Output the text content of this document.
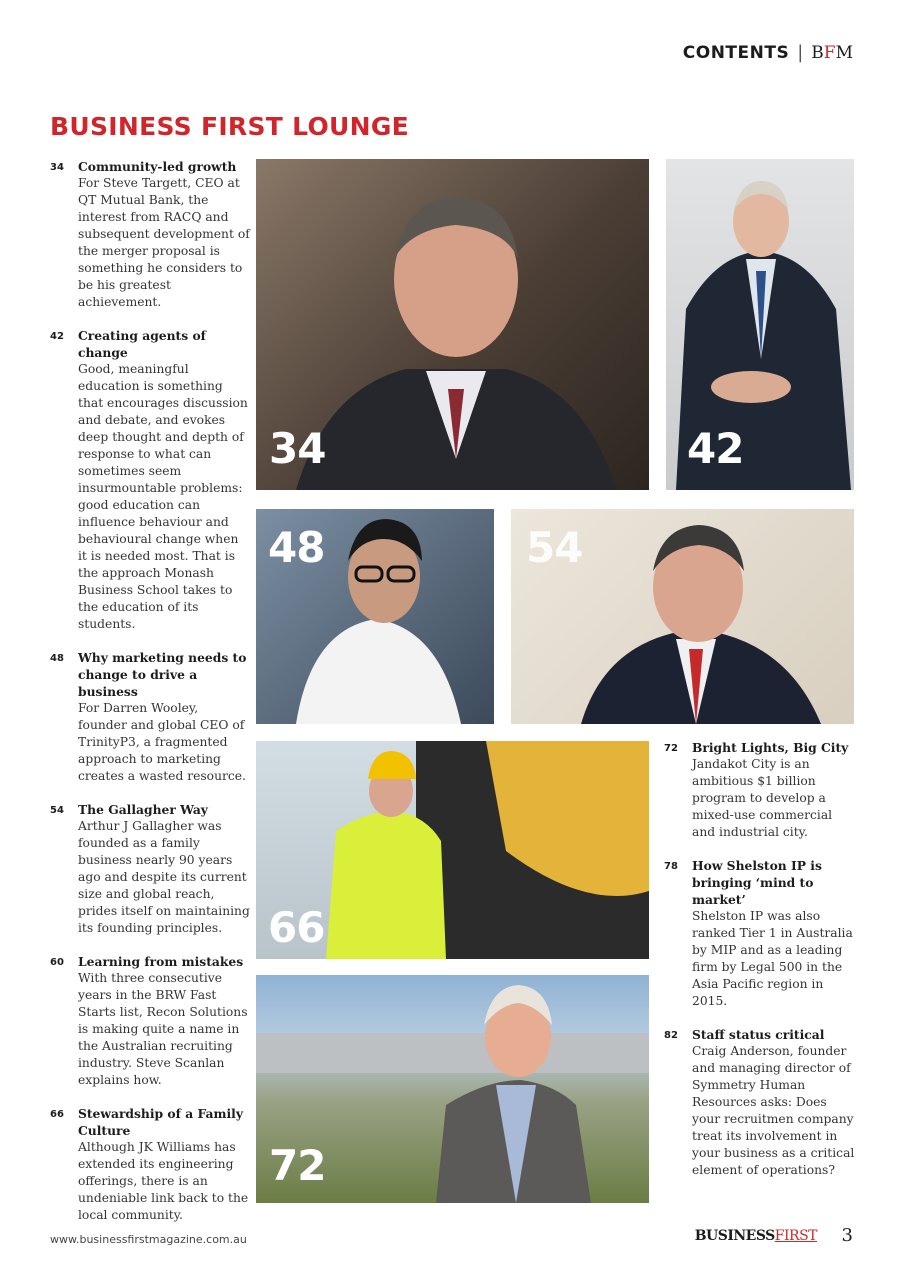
CONTENTS | BFM
BUSINESS FIRST LOUNGE
34 Community-led growth
For Steve Targett, CEO at QT Mutual Bank, the interest from RACQ and subsequent development of the merger proposal is something he considers to be his greatest achievement.
42 Creating agents of change
Good, meaningful education is something that encourages discussion and debate, and evokes deep thought and depth of response to what can sometimes seem insurmountable problems: good education can influence behaviour and behavioural change when it is needed most. That is the approach Monash Business School takes to the education of its students.
48 Why marketing needs to change to drive a business
For Darren Wooley, founder and global CEO of TrinityP3, a fragmented approach to marketing creates a wasted resource.
54 The Gallagher Way
Arthur J Gallagher was founded as a family business nearly 90 years ago and despite its current size and global reach, prides itself on maintaining its founding principles.
60 Learning from mistakes
With three consecutive years in the BRW Fast Starts list, Recon Solutions is making quite a name in the Australian recruiting industry. Steve Scanlan explains how.
66 Stewardship of a Family Culture
Although JK Williams has extended its engineering offerings, there is an undeniable link back to the local community.
34	42
48	54
66
72
72 Bright Lights, Big City
Jandakot City is an ambitious $1 billion program to develop a mixed-use commercial and industrial city.
78 How Shelston IP is bringing ‘mind to market’
Shelston IP was also ranked Tier 1 in Australia by MIP and as a leading firm by Legal 500 in the Asia Pacific region in 2015.
82 Staff status critical
Craig Anderson, founder and managing director of Symmetry Human Resources asks: Does your recruitmen company treat its involvement in your business as a critical element of operations?
www.businessfirstmagazine.com.au	BUSINESSFIRST 3
